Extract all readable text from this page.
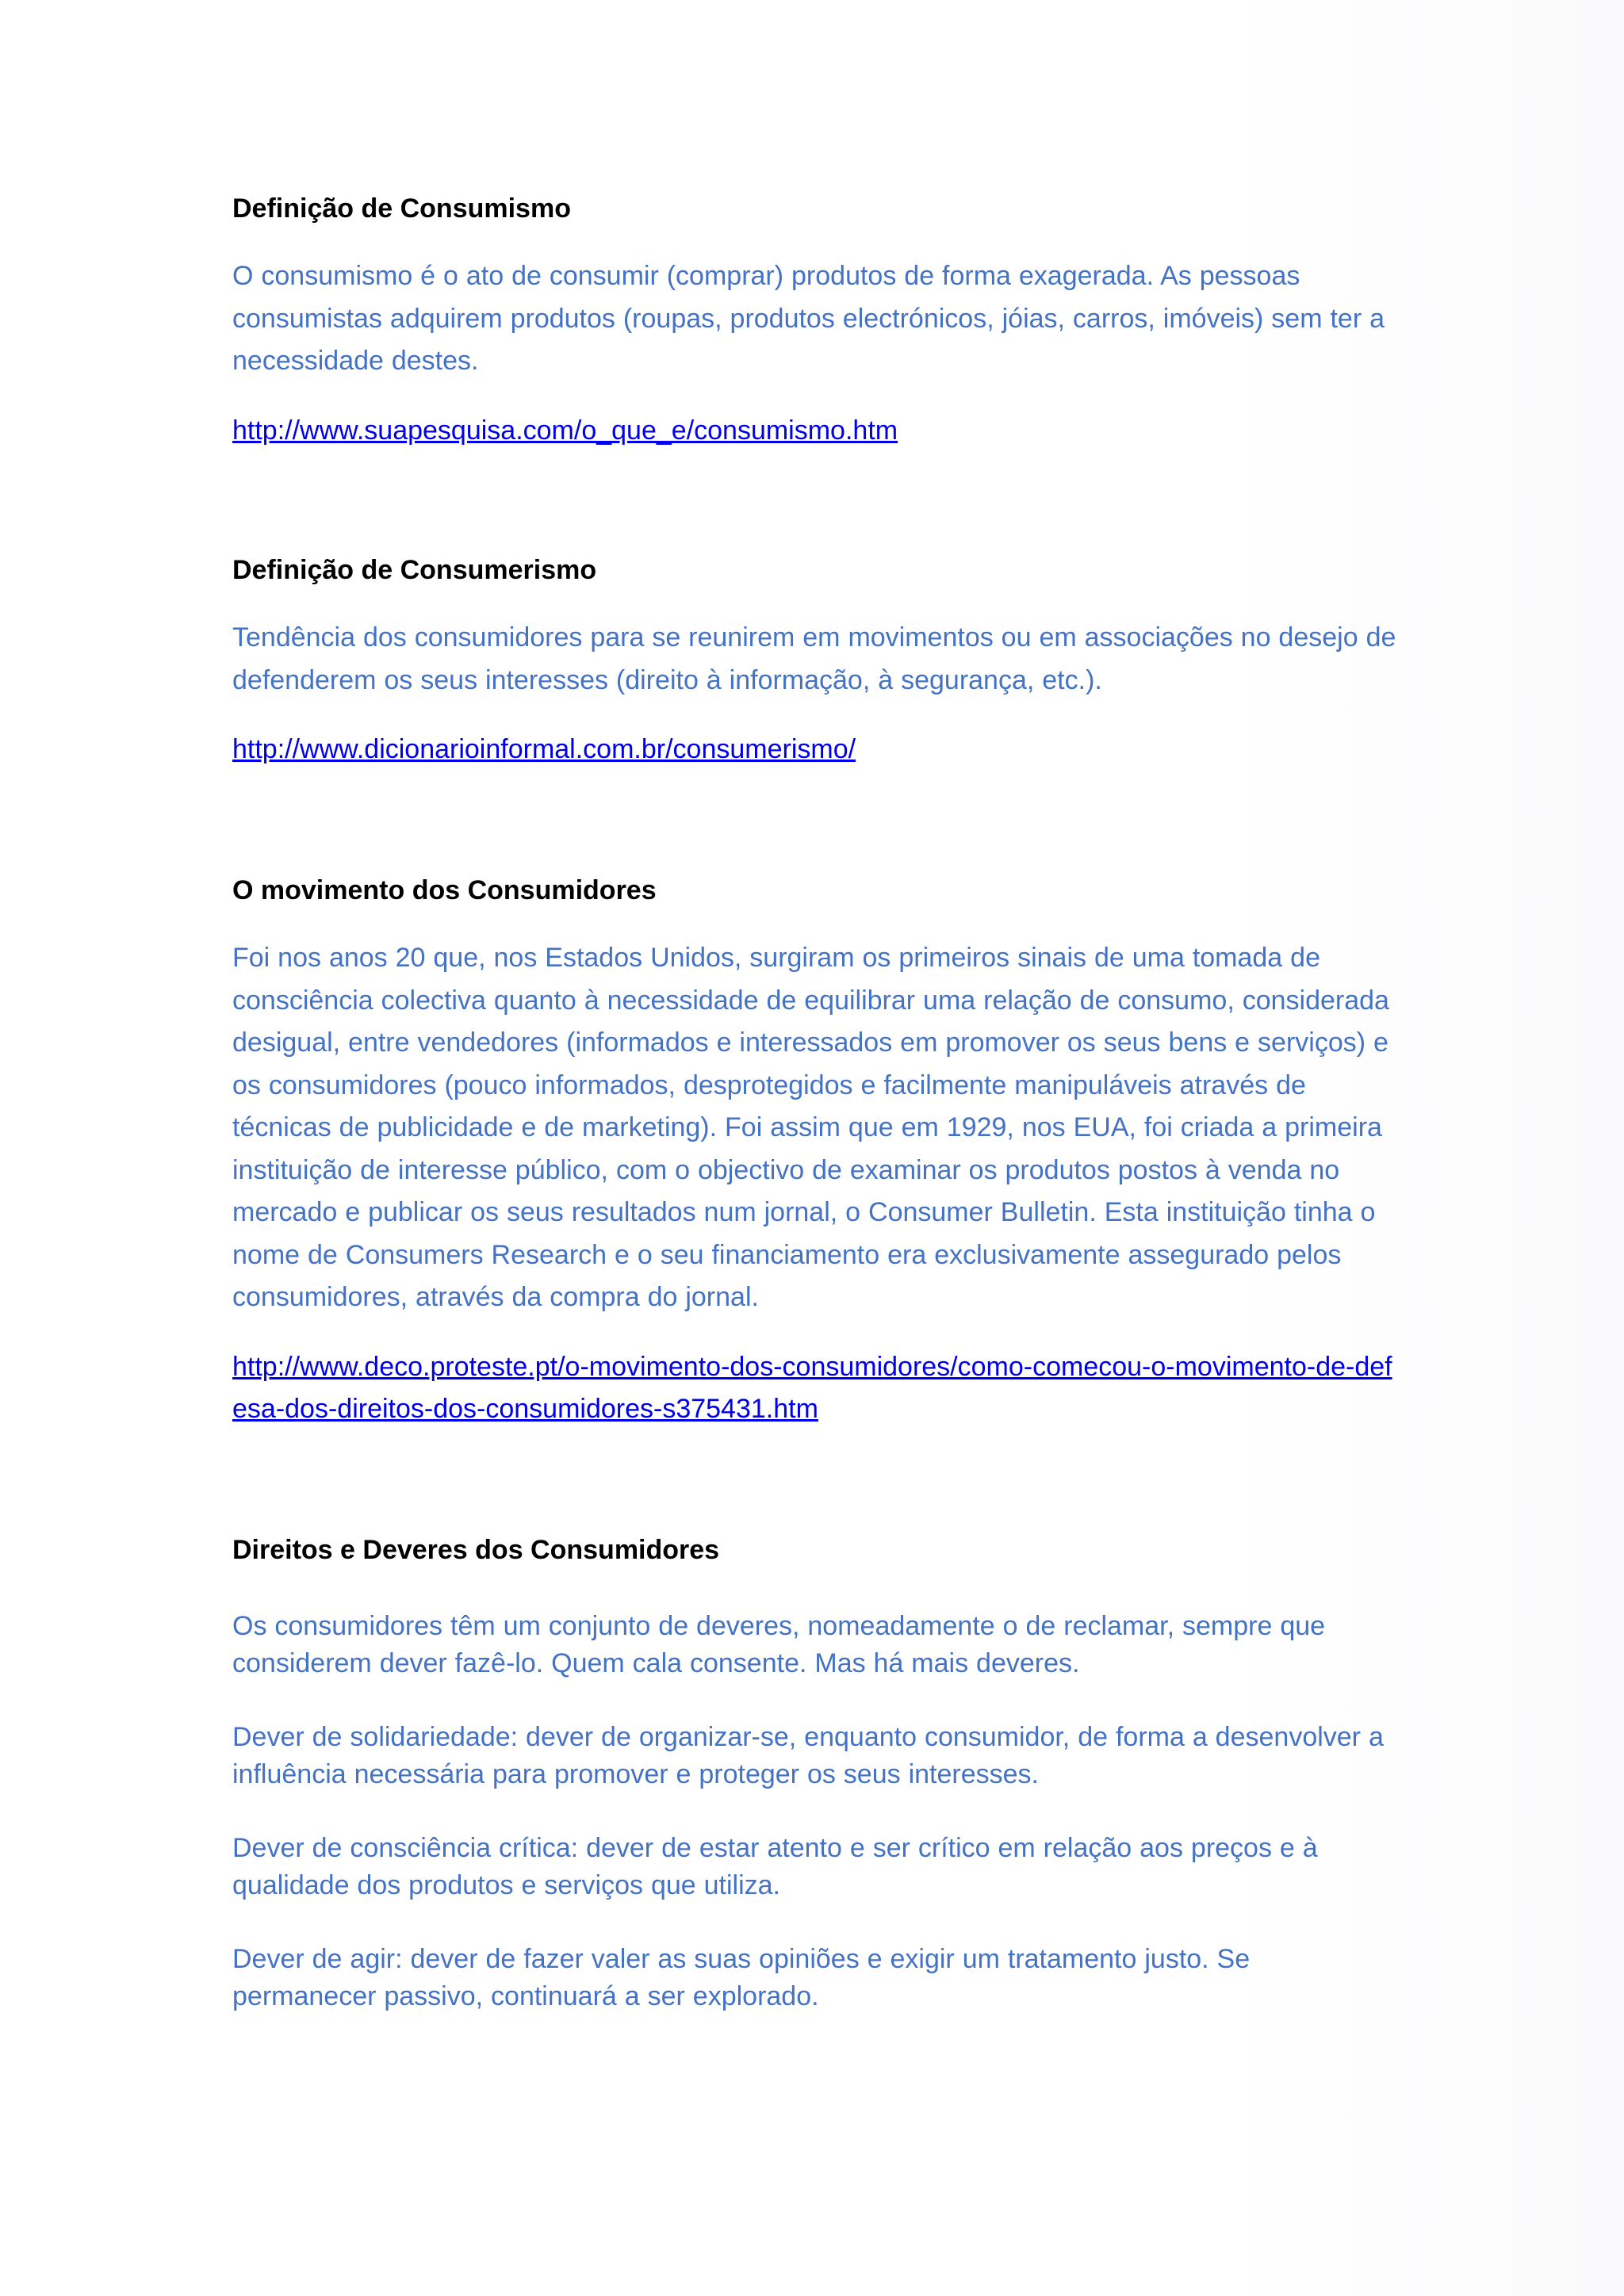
Definição de Consumismo

O consumismo é o ato de consumir (comprar) produtos de forma exagerada. As pessoas consumistas adquirem produtos (roupas, produtos electrónicos, jóias, carros, imóveis) sem ter a necessidade destes.

http://www.suapesquisa.com/o_que_e/consumismo.htm

Definição de Consumerismo

Tendência dos consumidores para se reunirem em movimentos ou em associações no desejo de defenderem os seus interesses (direito à informação, à segurança, etc.).

http://www.dicionarioinformal.com.br/consumerismo/

O movimento dos Consumidores

Foi nos anos 20 que, nos Estados Unidos, surgiram os primeiros sinais de uma tomada de consciência colectiva quanto à necessidade de equilibrar uma relação de consumo, considerada desigual, entre vendedores (informados e interessados em promover os seus bens e serviços) e os consumidores (pouco informados, desprotegidos e facilmente manipuláveis através de técnicas de publicidade e de marketing). Foi assim que em 1929, nos EUA, foi criada a primeira instituição de interesse público, com o objectivo de examinar os produtos postos à venda no mercado e publicar os seus resultados num jornal, o Consumer Bulletin. Esta instituição tinha o nome de Consumers Research e o seu financiamento era exclusivamente assegurado pelos consumidores, através da compra do jornal.

http://www.deco.proteste.pt/o-movimento-dos-consumidores/como-comecou-o-movimento-de-defesa-dos-direitos-dos-consumidores-s375431.htm

Direitos e Deveres dos Consumidores

Os consumidores têm um conjunto de deveres, nomeadamente o de reclamar, sempre que considerem dever fazê-lo. Quem cala consente. Mas há mais deveres.

Dever de solidariedade: dever de organizar-se, enquanto consumidor, de forma a desenvolver a influência necessária para promover e proteger os seus interesses.

Dever de consciência crítica: dever de estar atento e ser crítico em relação aos preços e à qualidade dos produtos e serviços que utiliza.

Dever de agir: dever de fazer valer as suas opiniões e exigir um tratamento justo. Se permanecer passivo, continuará a ser explorado.
